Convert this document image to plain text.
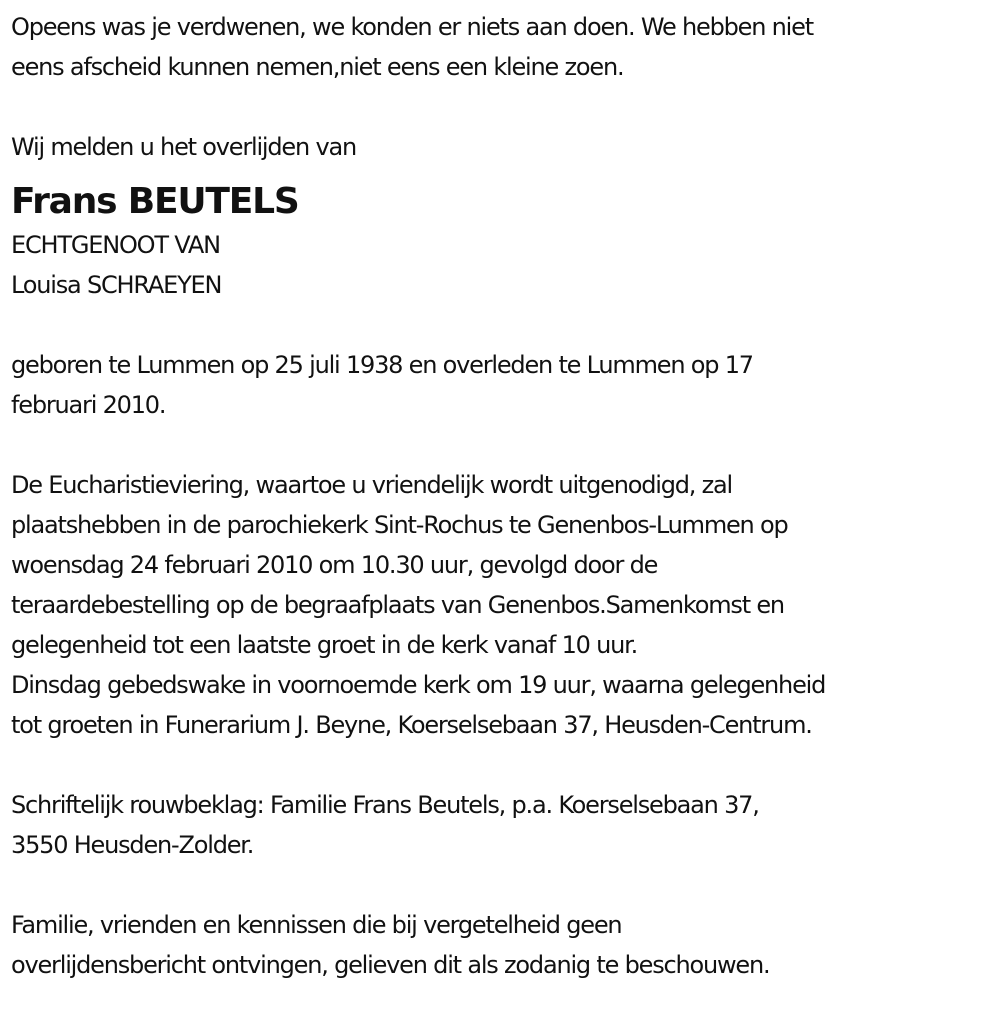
Opeens was je verdwenen, we konden er niets aan doen. We hebben niet
eens afscheid kunnen nemen,niet eens een kleine zoen.
Wij melden u het overlijden van
Frans BEUTELS
ECHTGENOOT VAN
Louisa SCHRAEYEN
geboren te Lummen op 25 juli 1938 en overleden te Lummen op 17
februari 2010.
De Eucharistieviering, waartoe u vriendelijk wordt uitgenodigd, zal
plaatshebben in de parochiekerk Sint-Rochus te Genenbos-Lummen op
woensdag 24 februari 2010 om 10.30 uur, gevolgd door de
teraardebestelling op de begraafplaats van Genenbos.Samenkomst en
gelegenheid tot een laatste groet in de kerk vanaf 10 uur.
Dinsdag gebedswake in voornoemde kerk om 19 uur, waarna gelegenheid
tot groeten in Funerarium J. Beyne, Koerselsebaan 37, Heusden-Centrum.
Schriftelijk rouwbeklag: Familie Frans Beutels, p.a. Koerselsebaan 37,
3550 Heusden-Zolder.
Familie, vrienden en kennissen die bij vergetelheid geen
overlijdensbericht ontvingen, gelieven dit als zodanig te beschouwen.
